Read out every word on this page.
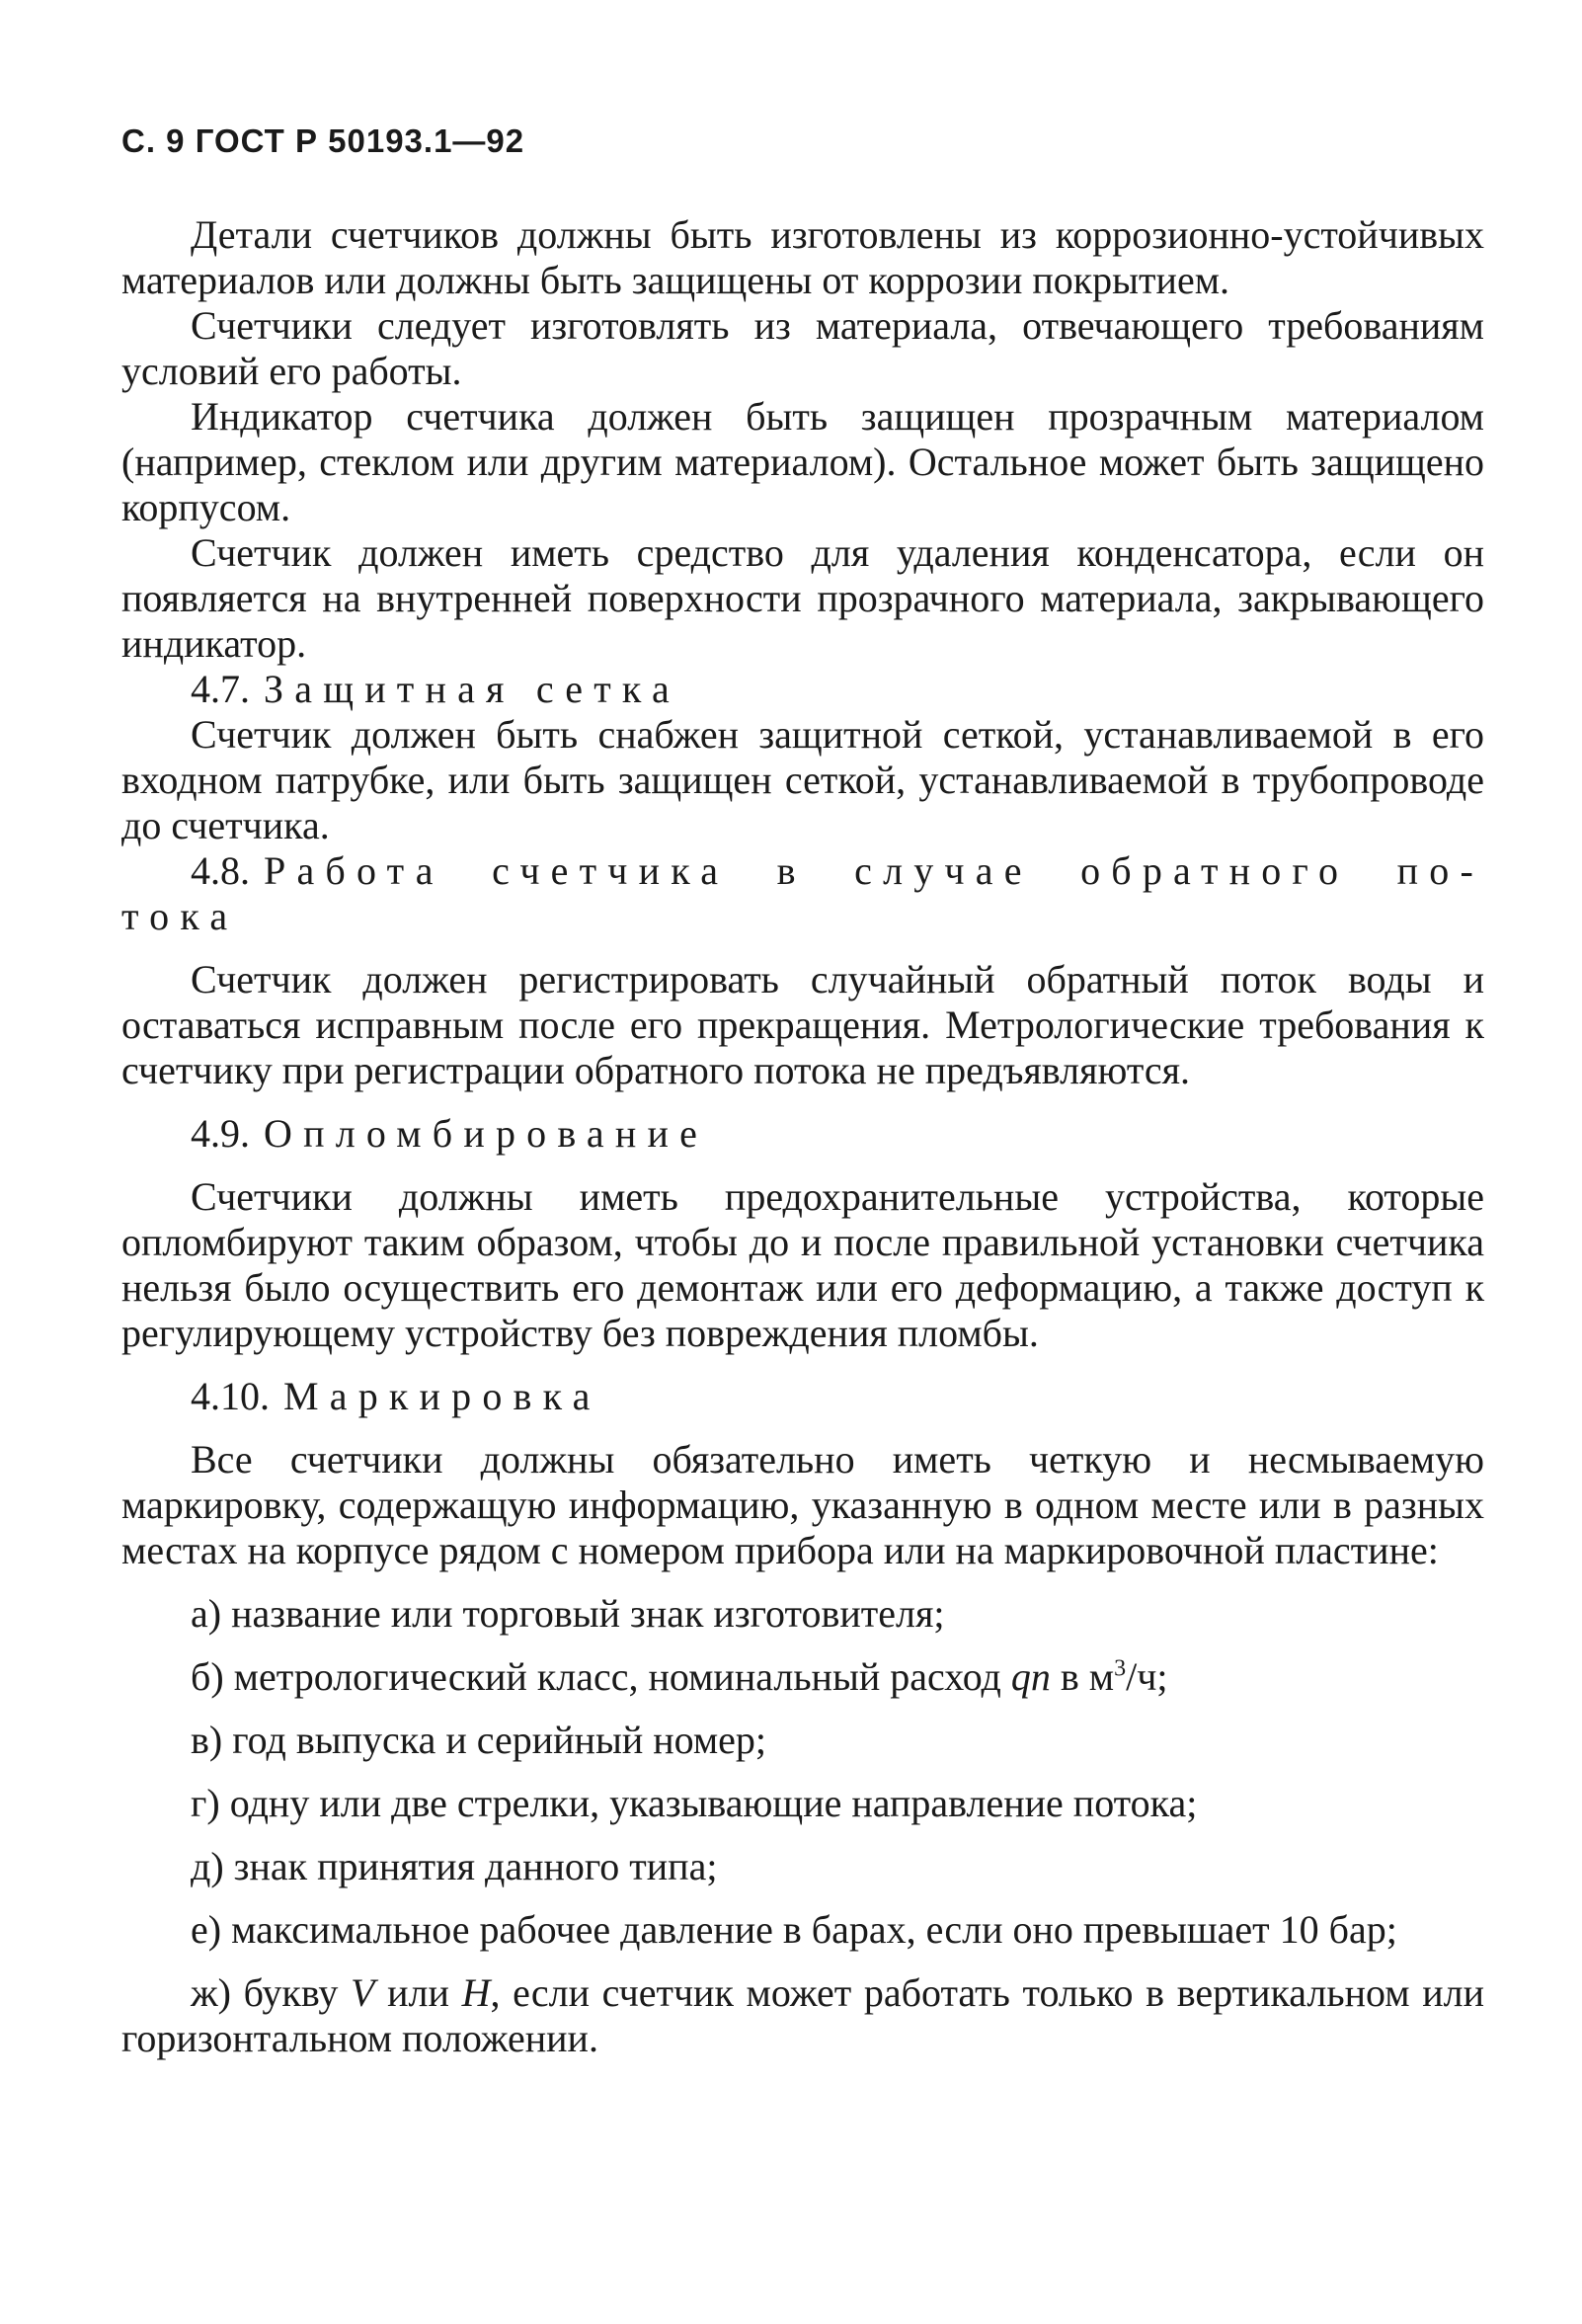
С. 9 ГОСТ Р 50193.1—92

Детали счетчиков должны быть изготовлены из коррозионно-устойчивых материалов или должны быть защищены от коррозии покрытием.

Счетчики следует изготовлять из материала, отвечающего требованиям условий его работы.

Индикатор счетчика должен быть защищен прозрачным материалом (например, стеклом или другим материалом). Остальное может быть защищено корпусом.

Счетчик должен иметь средство для удаления конденсатора, если он появляется на внутренней поверхности прозрачного материала, закрывающего индикатор.

4.7. Защитная сетка

Счетчик должен быть снабжен защитной сеткой, устанавливаемой в его входном патрубке, или быть защищен сеткой, устанавливаемой в трубопроводе до счетчика.

4.8. Работа счетчика в случае обратного по-

тока

Счетчик должен регистрировать случайный обратный поток воды и оставаться исправным после его прекращения. Метрологические требования к счетчику при регистрации обратного потока не предъявляются.

4.9. Опломбирование

Счетчики должны иметь предохранительные устройства, которые опломбируют таким образом, чтобы до и после правильной установки счетчика нельзя было осуществить его демонтаж или его деформацию, а также доступ к регулирующему устройству без повреждения пломбы.

4.10. Маркировка

Все счетчики должны обязательно иметь четкую и несмываемую маркировку, содержащую информацию, указанную в одном месте или в разных местах на корпусе рядом с номером прибора или на маркировочной пластине:

а) название или торговый знак изготовителя;

б) метрологический класс, номинальный расход qn в $м^3/ч$;

в) год выпуска и серийный номер;

г) одну или две стрелки, указывающие направление потока;

д) знак принятия данного типа;

е) максимальное рабочее давление в барах, если оно превышает 10 бар;

ж) букву V или H, если счетчик может работать только в вертикальном или горизонтальном положении.
